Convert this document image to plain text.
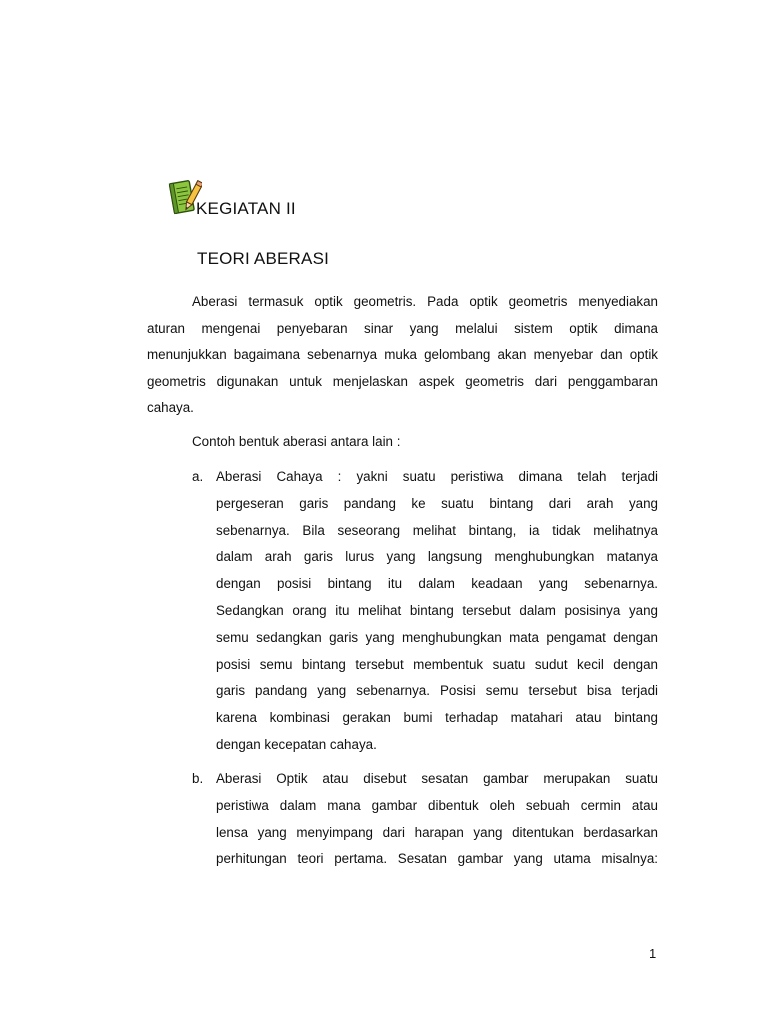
KEGIATAN II
TEORI ABERASI

Aberasi termasuk optik geometris. Pada optik geometris menyediakan
aturan mengenai penyebaran sinar yang melalui sistem optik dimana
menunjukkan bagaimana sebenarnya muka gelombang akan menyebar dan optik
geometris digunakan untuk menjelaskan aspek geometris dari penggambaran
cahaya.

Contoh bentuk aberasi antara lain :

a. Aberasi Cahaya : yakni suatu peristiwa dimana telah terjadi
pergeseran garis pandang ke suatu bintang dari arah yang
sebenarnya. Bila seseorang melihat bintang, ia tidak melihatnya
dalam arah garis lurus yang langsung menghubungkan matanya
dengan posisi bintang itu dalam keadaan yang sebenarnya.
Sedangkan orang itu melihat bintang tersebut dalam posisinya yang
semu sedangkan garis yang menghubungkan mata pengamat dengan
posisi semu bintang tersebut membentuk suatu sudut kecil dengan
garis pandang yang sebenarnya. Posisi semu tersebut bisa terjadi
karena kombinasi gerakan bumi terhadap matahari atau bintang
dengan kecepatan cahaya.
b. Aberasi Optik atau disebut sesatan gambar merupakan suatu
peristiwa dalam mana gambar dibentuk oleh sebuah cermin atau
lensa yang menyimpang dari harapan yang ditentukan berdasarkan
perhitungan teori pertama. Sesatan gambar yang utama misalnya:
1
